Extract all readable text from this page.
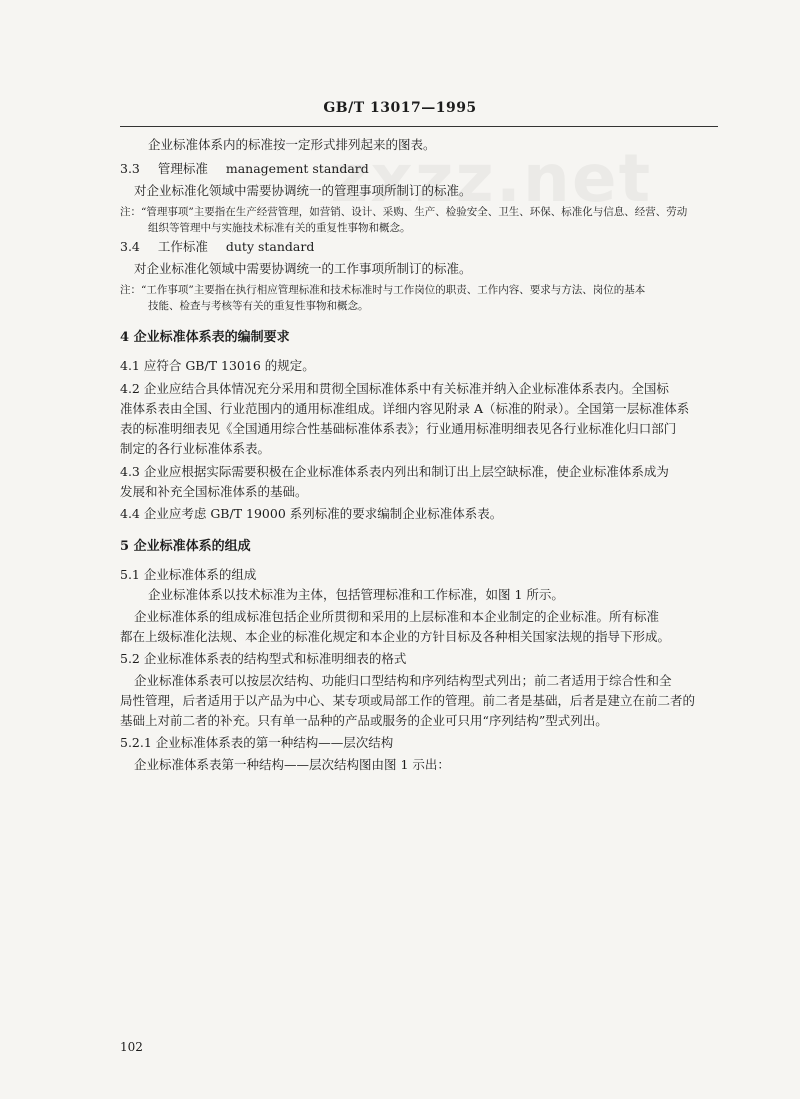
GB/T 13017—1995
企业标准体系内的标准按一定形式排列起来的图表。
3.3 管理标准 management standard
对企业标准化领域中需要协调统一的管理事项所制订的标准。
注：“管理事项”主要指在生产经营管理，如营销、设计、采购、生产、检验安全、卫生、环保、标准化与信息、经营、劳动
组织等管理中与实施技术标准有关的重复性事物和概念。
3.4 工作标准 duty standard
对企业标准化领域中需要协调统一的工作事项所制订的标准。
注：“工作事项”主要指在执行相应管理标准和技术标准时与工作岗位的职责、工作内容、要求与方法、岗位的基本
技能、检查与考核等有关的重复性事物和概念。
4 企业标准体系表的编制要求
4.1 应符合 GB/T 13016 的规定。
4.2 企业应结合具体情况充分采用和贯彻全国标准体系中有关标准并纳入企业标准体系表内。全国标
准体系表由全国、行业范围内的通用标准组成。详细内容见附录 A（标准的附录）。全国第一层标准体系
表的标准明细表见《全国通用综合性基础标准体系表》；行业通用标准明细表见各行业标准化归口部门
制定的各行业标准体系表。
4.3 企业应根据实际需要积极在企业标准体系表内列出和制订出上层空缺标准，使企业标准体系成为
发展和补充全国标准体系的基础。
4.4 企业应考虑 GB/T 19000 系列标准的要求编制企业标准体系表。
5 企业标准体系的组成
5.1 企业标准体系的组成
企业标准体系以技术标准为主体，包括管理标准和工作标准，如图 1 所示。
企业标准体系的组成标准包括企业所贯彻和采用的上层标准和本企业制定的企业标准。所有标准
都在上级标准化法规、本企业的标准化规定和本企业的方针目标及各种相关国家法规的指导下形成。
5.2 企业标准体系表的结构型式和标准明细表的格式
企业标准体系表可以按层次结构、功能归口型结构和序列结构型式列出；前二者适用于综合性和全
局性管理，后者适用于以产品为中心、某专项或局部工作的管理。前二者是基础，后者是建立在前二者的
基础上对前二者的补充。只有单一品种的产品或服务的企业可只用“序列结构”型式列出。
5.2.1 企业标准体系表的第一种结构——层次结构
企业标准体系表第一种结构——层次结构图由图 1 示出：
102
